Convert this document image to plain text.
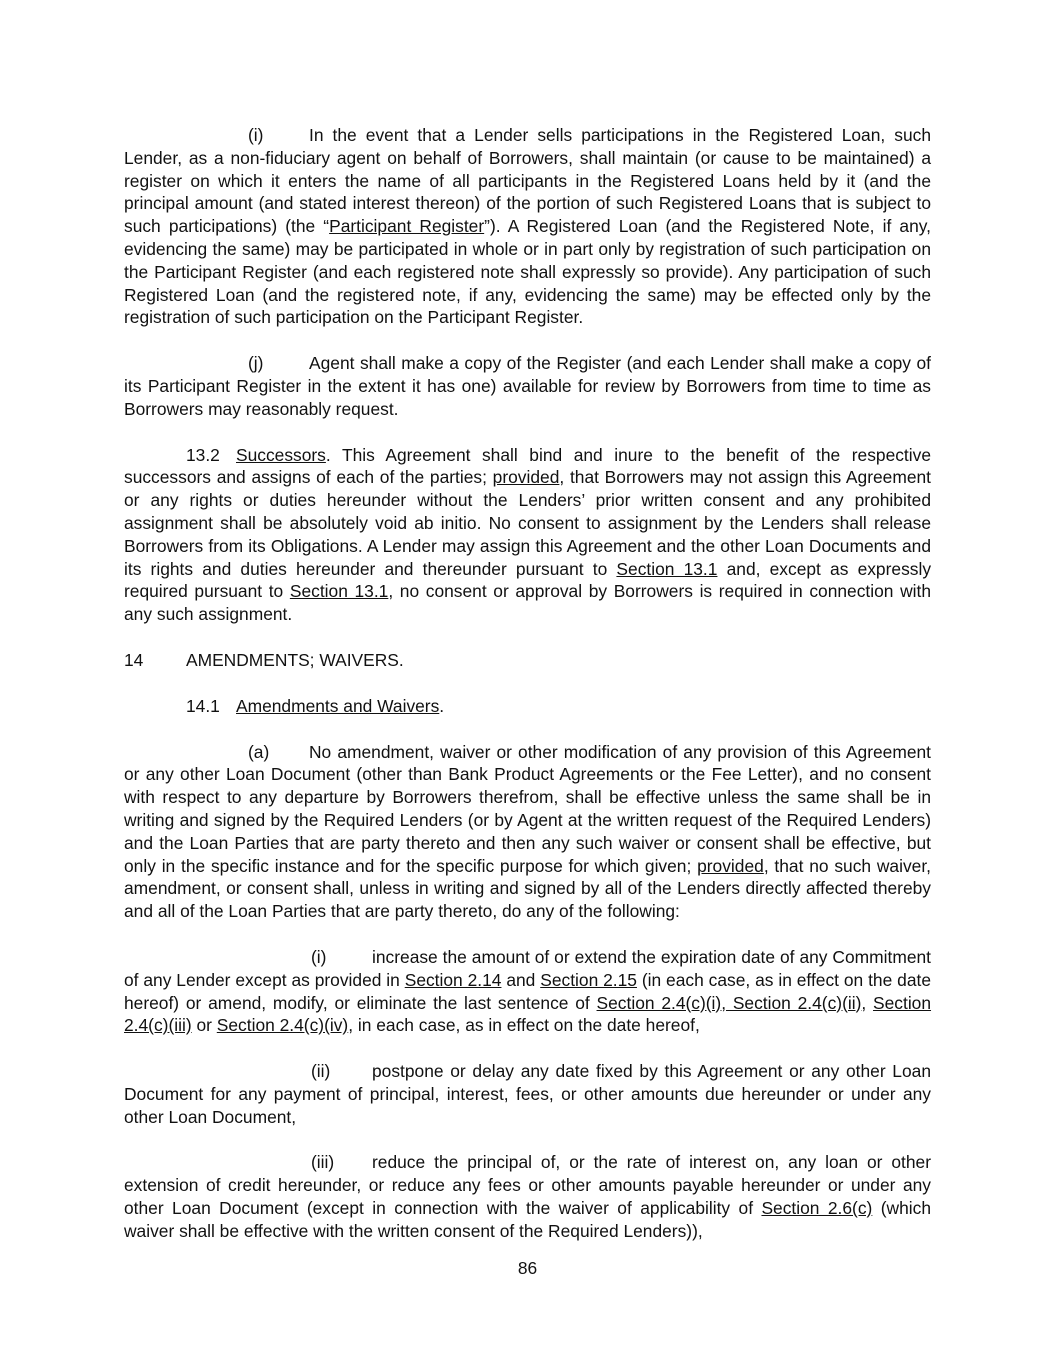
(i)	In the event that a Lender sells participations in the Registered Loan, such Lender, as a non-fiduciary agent on behalf of Borrowers, shall maintain (or cause to be maintained) a register on which it enters the name of all participants in the Registered Loans held by it (and the principal amount (and stated interest thereon) of the portion of such Registered Loans that is subject to such participations) (the “Participant Register”). A Registered Loan (and the Registered Note, if any, evidencing the same) may be participated in whole or in part only by registration of such participation on the Participant Register (and each registered note shall expressly so provide). Any participation of such Registered Loan (and the registered note, if any, evidencing the same) may be effected only by the registration of such participation on the Participant Register.

(j)	Agent shall make a copy of the Register (and each Lender shall make a copy of its Participant Register in the extent it has one) available for review by Borrowers from time to time as Borrowers may reasonably request.

13.2 Successors. This Agreement shall bind and inure to the benefit of the respective successors and assigns of each of the parties; provided, that Borrowers may not assign this Agreement or any rights or duties hereunder without the Lenders’ prior written consent and any prohibited assignment shall be absolutely void ab initio. No consent to assignment by the Lenders shall release Borrowers from its Obligations. A Lender may assign this Agreement and the other Loan Documents and its rights and duties hereunder and thereunder pursuant to Section 13.1 and, except as expressly required pursuant to Section 13.1, no consent or approval by Borrowers is required in connection with any such assignment.

14 AMENDMENTS; WAIVERS.
14.1 Amendments and Waivers.

(a) No amendment, waiver or other modification of any provision of this Agreement or any other Loan Document (other than Bank Product Agreements or the Fee Letter), and no consent with respect to any departure by Borrowers therefrom, shall be effective unless the same shall be in writing and signed by the Required Lenders (or by Agent at the written request of the Required Lenders) and the Loan Parties that are party thereto and then any such waiver or consent shall be effective, but only in the specific instance and for the specific purpose for which given; provided, that no such waiver, amendment, or consent shall, unless in writing and signed by all of the Lenders directly affected thereby and all of the Loan Parties that are party thereto, do any of the following:

(i)	increase the amount of or extend the expiration date of any Commitment of any Lender except as provided in Section 2.14 and Section 2.15 (in each case, as in effect on the date hereof) or amend, modify, or eliminate the last sentence of Section 2.4(c)(i), Section 2.4(c)(ii), Section 2.4(c)(iii) or Section 2.4(c)(iv), in each case, as in effect on the date hereof,

(ii) postpone or delay any date fixed by this Agreement or any other Loan Document for any payment of principal, interest, fees, or other amounts due hereunder or under any other Loan Document,

(iii) reduce the principal of, or the rate of interest on, any loan or other extension of credit hereunder, or reduce any fees or other amounts payable hereunder or under any other Loan Document (except in connection with the waiver of applicability of Section 2.6(c) (which waiver shall be effective with the written consent of the Required Lenders)),

86
